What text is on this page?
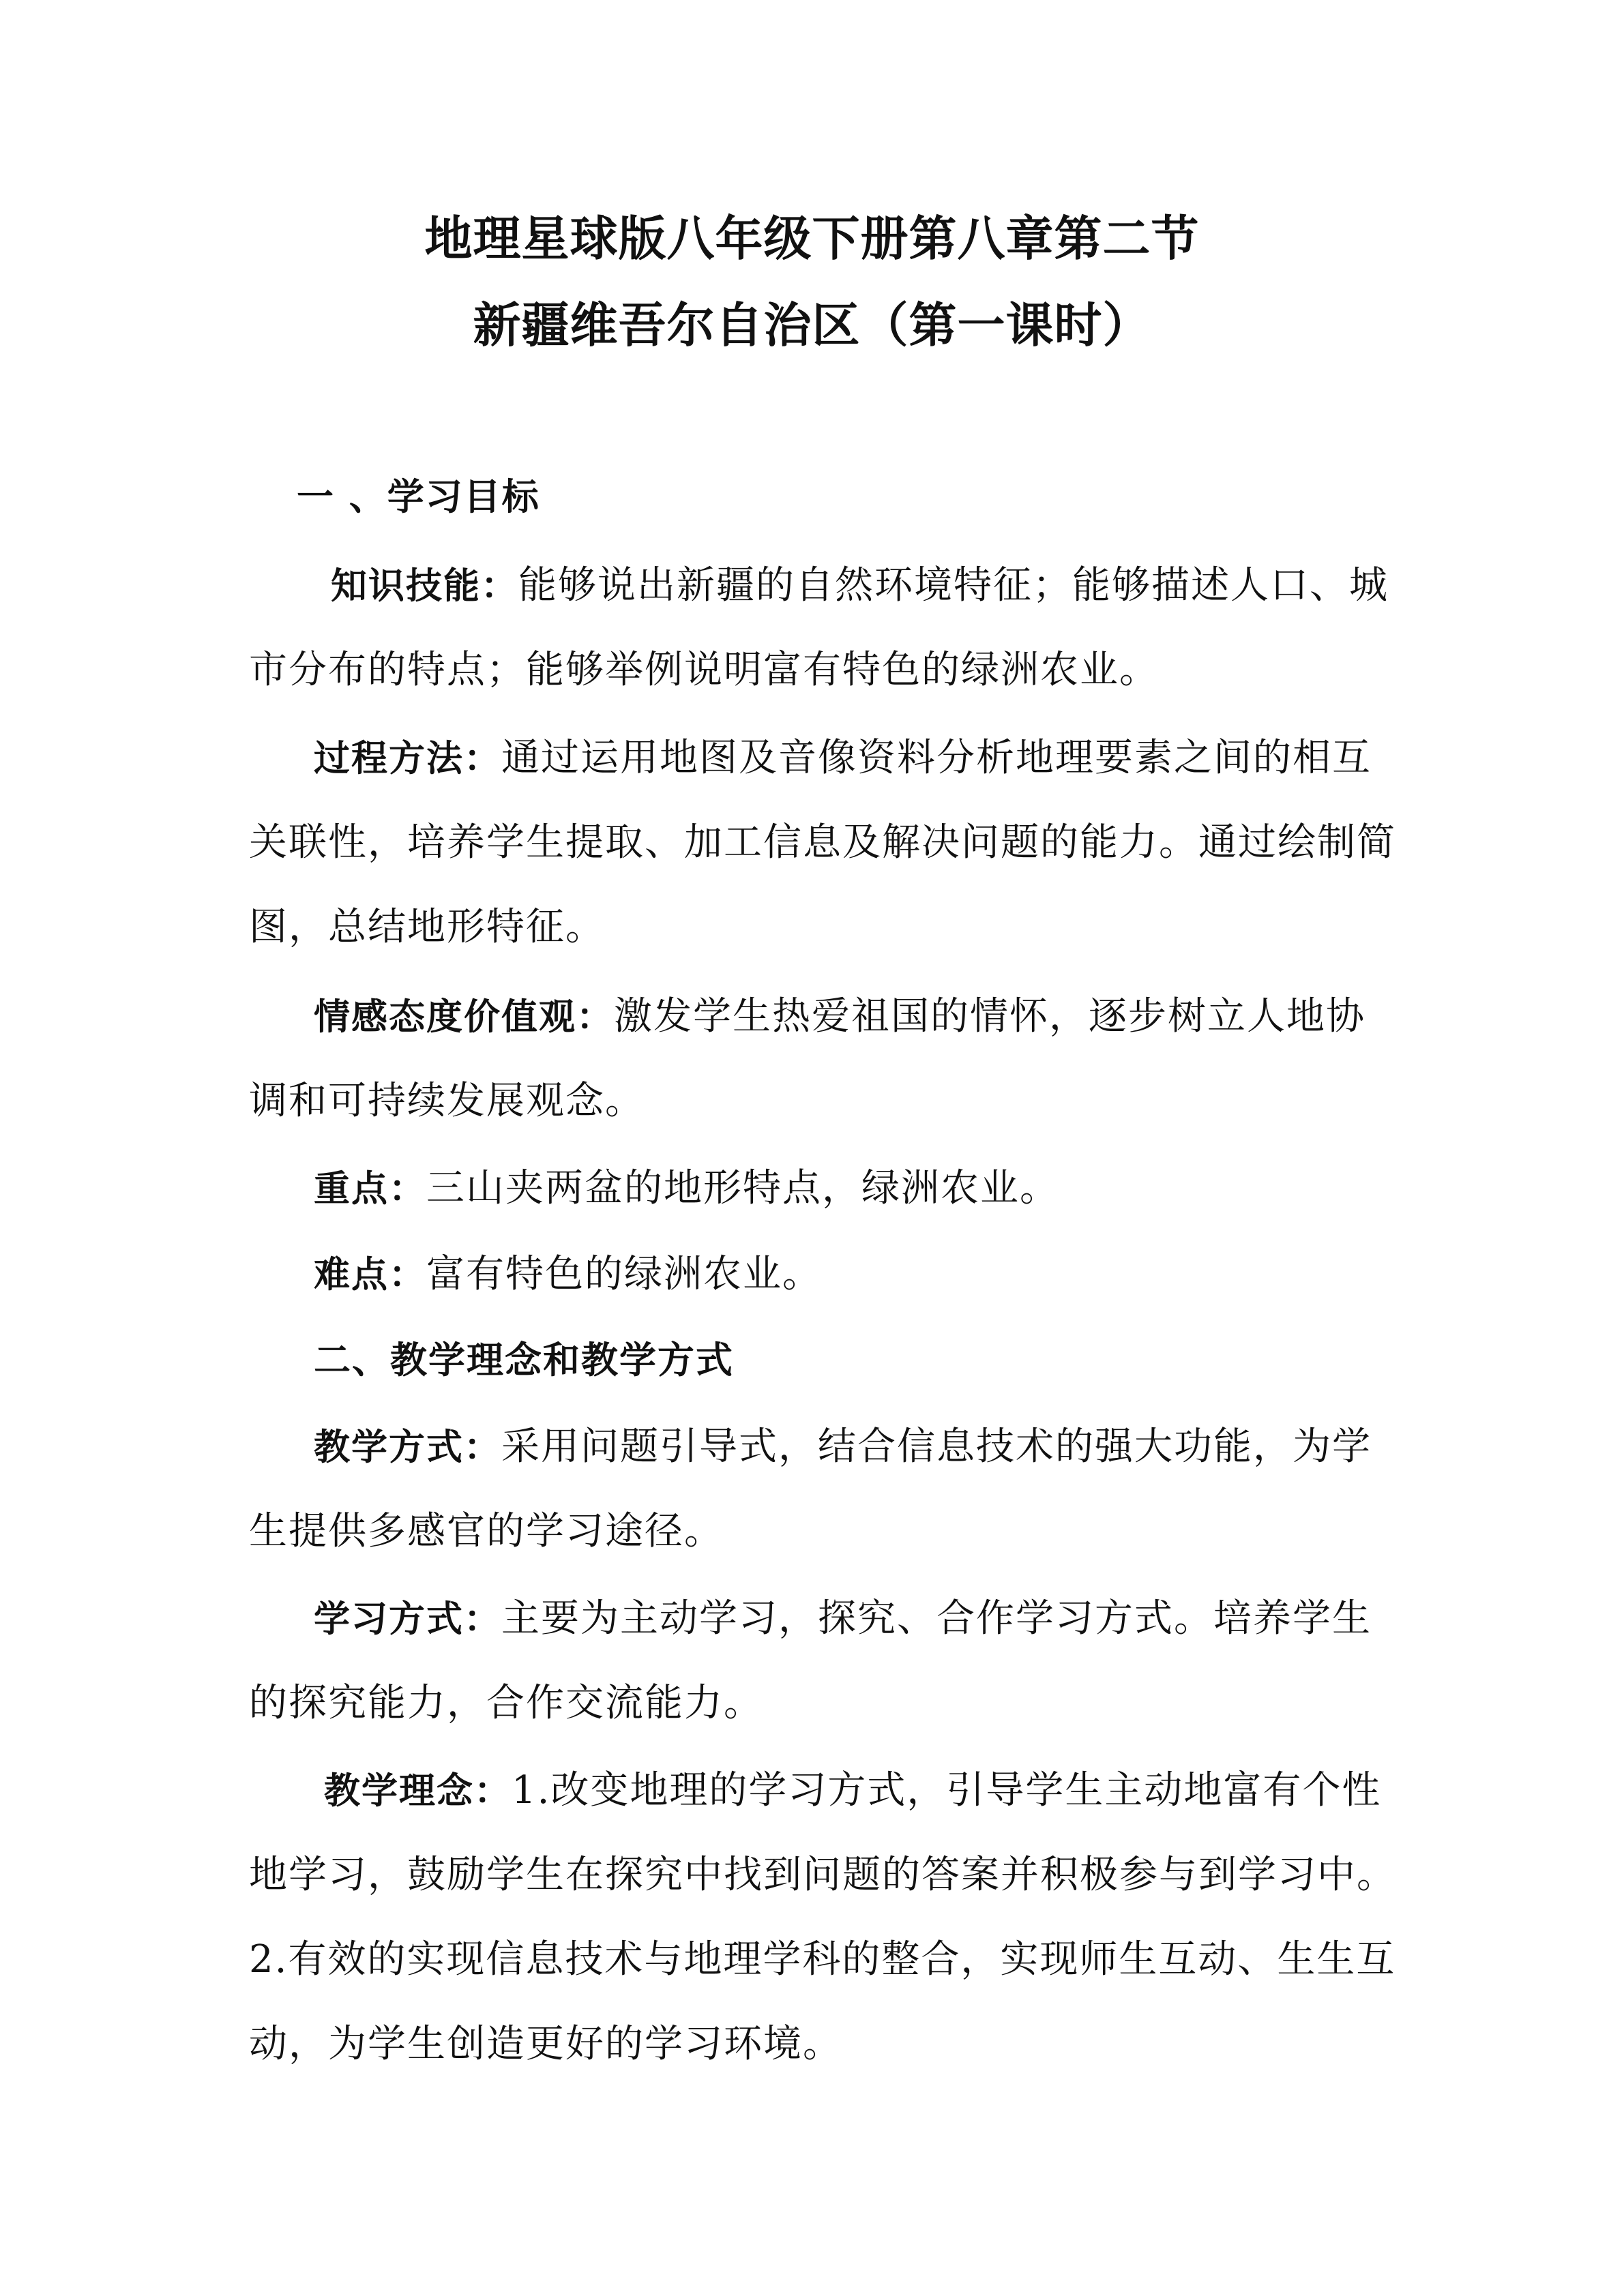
地理星球版八年级下册第八章第二节
新疆维吾尔自治区（第一课时）
一 、学习目标
知识技能：能够说出新疆的自然环境特征；能够描述人口、城
市分布的特点；能够举例说明富有特色的绿洲农业。
过程方法：通过运用地图及音像资料分析地理要素之间的相互
关联性，培养学生提取、加工信息及解决问题的能力。通过绘制简
图，总结地形特征。
情感态度价值观：激发学生热爱祖国的情怀，逐步树立人地协
调和可持续发展观念。
重点：三山夹两盆的地形特点，绿洲农业。
难点：富有特色的绿洲农业。
二、教学理念和教学方式
教学方式：采用问题引导式，结合信息技术的强大功能，为学
生提供多感官的学习途径。
学习方式：主要为主动学习，探究、合作学习方式。培养学生
的探究能力，合作交流能力。
教学理念：1.改变地理的学习方式，引导学生主动地富有个性
地学习，鼓励学生在探究中找到问题的答案并积极参与到学习中。
2.有效的实现信息技术与地理学科的整合，实现师生互动、生生互
动，为学生创造更好的学习环境。
